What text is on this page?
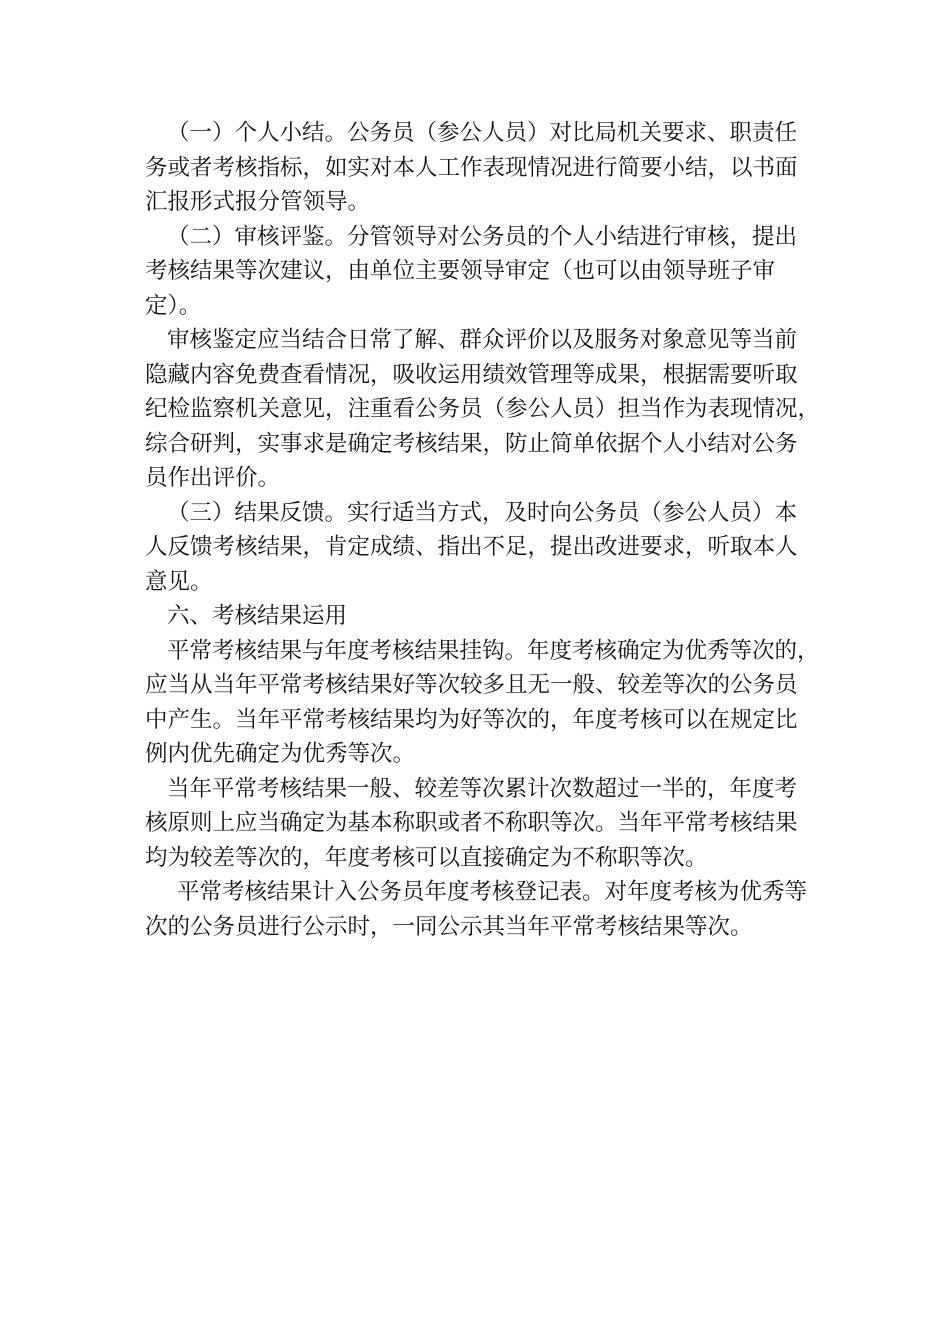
（一）个人小结。公务员（参公人员）对比局机关要求、职责任
务或者考核指标，如实对本人工作表现情况进行简要小结，以书面
汇报形式报分管领导。
（二）审核评鉴。分管领导对公务员的个人小结进行审核，提出
考核结果等次建议，由单位主要领导审定（也可以由领导班子审
定）。
审核鉴定应当结合日常了解、群众评价以及服务对象意见等当前
隐藏内容免费查看情况，吸收运用绩效管理等成果，根据需要听取
纪检监察机关意见，注重看公务员（参公人员）担当作为表现情况，
综合研判，实事求是确定考核结果，防止简单依据个人小结对公务
员作出评价。
（三）结果反馈。实行适当方式，及时向公务员（参公人员）本
人反馈考核结果，肯定成绩、指出不足，提出改进要求，听取本人
意见。
六、考核结果运用
平常考核结果与年度考核结果挂钩。年度考核确定为优秀等次的，
应当从当年平常考核结果好等次较多且无一般、较差等次的公务员
中产生。当年平常考核结果均为好等次的，年度考核可以在规定比
例内优先确定为优秀等次。
当年平常考核结果一般、较差等次累计次数超过一半的，年度考
核原则上应当确定为基本称职或者不称职等次。当年平常考核结果
均为较差等次的，年度考核可以直接确定为不称职等次。
平常考核结果计入公务员年度考核登记表。对年度考核为优秀等
次的公务员进行公示时，一同公示其当年平常考核结果等次。
